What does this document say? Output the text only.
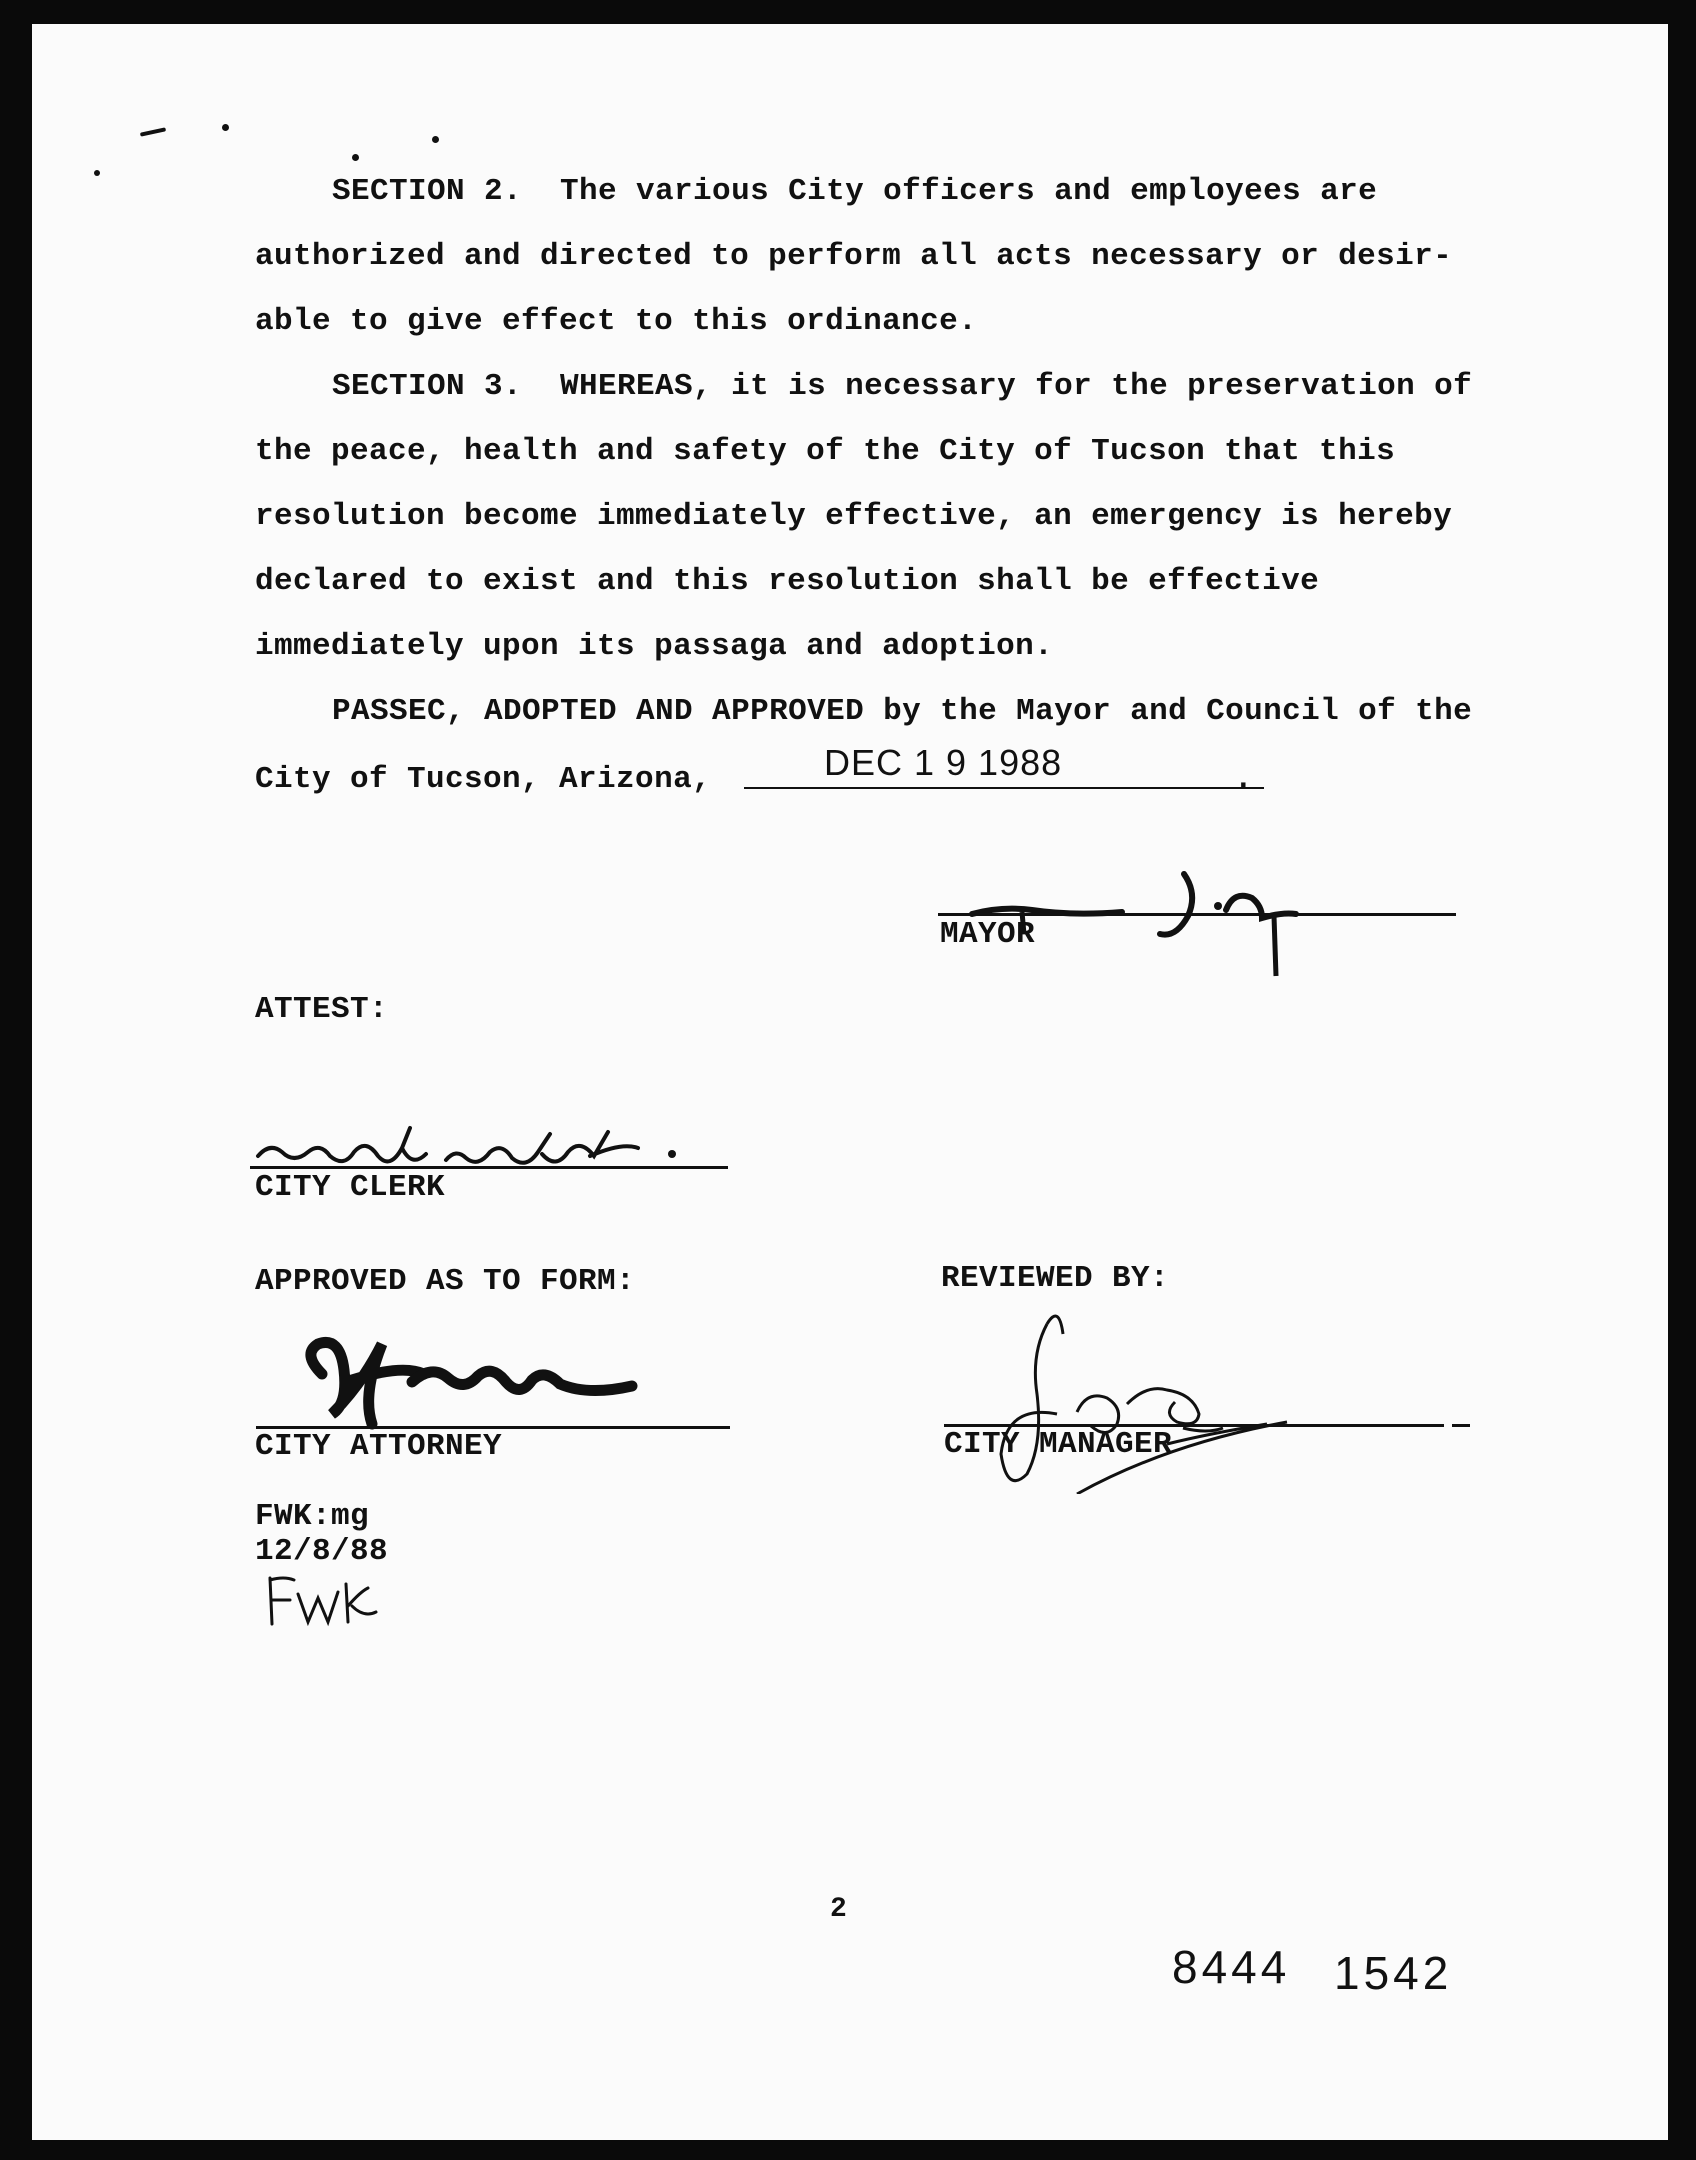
SECTION 2.  The various City officers and employees are
authorized and directed to perform all acts necessary or desir-
able to give effect to this ordinance.
SECTION 3.  WHEREAS, it is necessary for the preservation of
the peace, health and safety of the City of Tucson that this
resolution become immediately effective, an emergency is hereby
declared to exist and this resolution shall be effective
immediately upon its passaga and adoption.
PASSEC, ADOPTED AND APPROVED by the Mayor and Council of the
City of Tucson, Arizona,	DEC 1 9 1988	.
MAYOR
ATTEST:
CITY CLERK
APPROVED AS TO FORM:	REVIEWED BY:
CITY ATTORNEY	CITY MANAGER
FWK:mg
12/8/88
2
8444 1542
